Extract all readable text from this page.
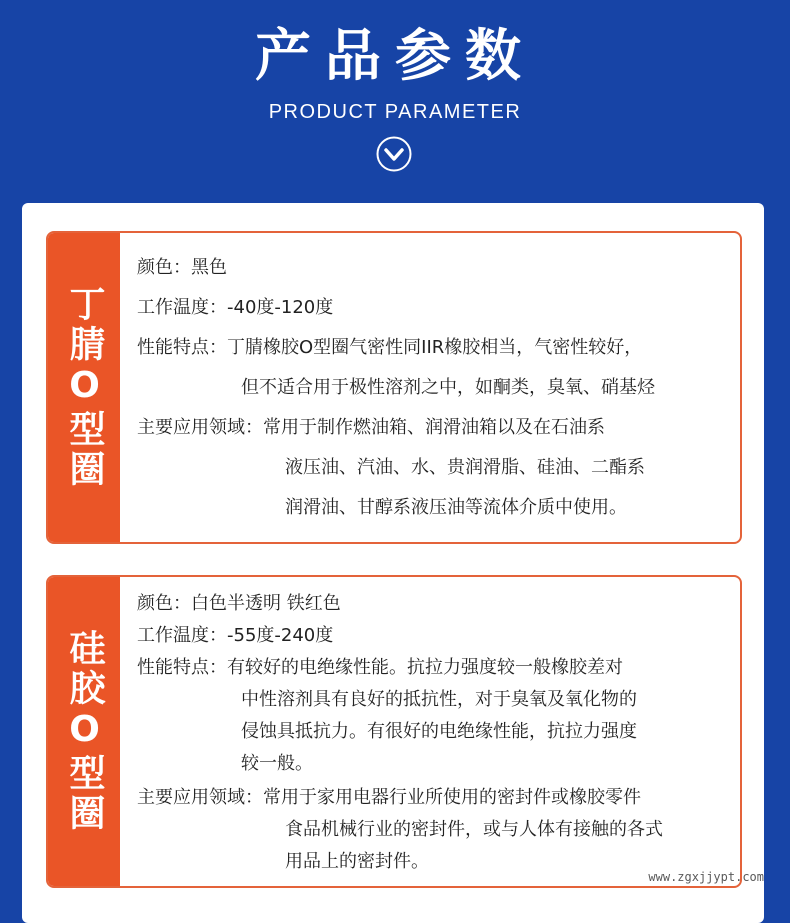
产品参数
PRODUCT PARAMETER
丁腈O型圈
颜色：黑色
工作温度：-40度-120度
性能特点：丁腈橡胶O型圈气密性同IIR橡胶相当，气密性较好，
但不适合用于极性溶剂之中，如酮类，臭氧、硝基烃
主要应用领域：常用于制作燃油箱、润滑油箱以及在石油系
液压油、汽油、水、贵润滑脂、硅油、二酯系
润滑油、甘醇系液压油等流体介质中使用。
硅胶O型圈
颜色：白色半透明 铁红色
工作温度：-55度-240度
性能特点：有较好的电绝缘性能。抗拉力强度较一般橡胶差对
中性溶剂具有良好的抵抗性，对于臭氧及氧化物的
侵蚀具抵抗力。有很好的电绝缘性能，抗拉力强度
较一般。
主要应用领域：常用于家用电器行业所使用的密封件或橡胶零件
食品机械行业的密封件，或与人体有接触的各式
用品上的密封件。
www.zgxjjypt.com
